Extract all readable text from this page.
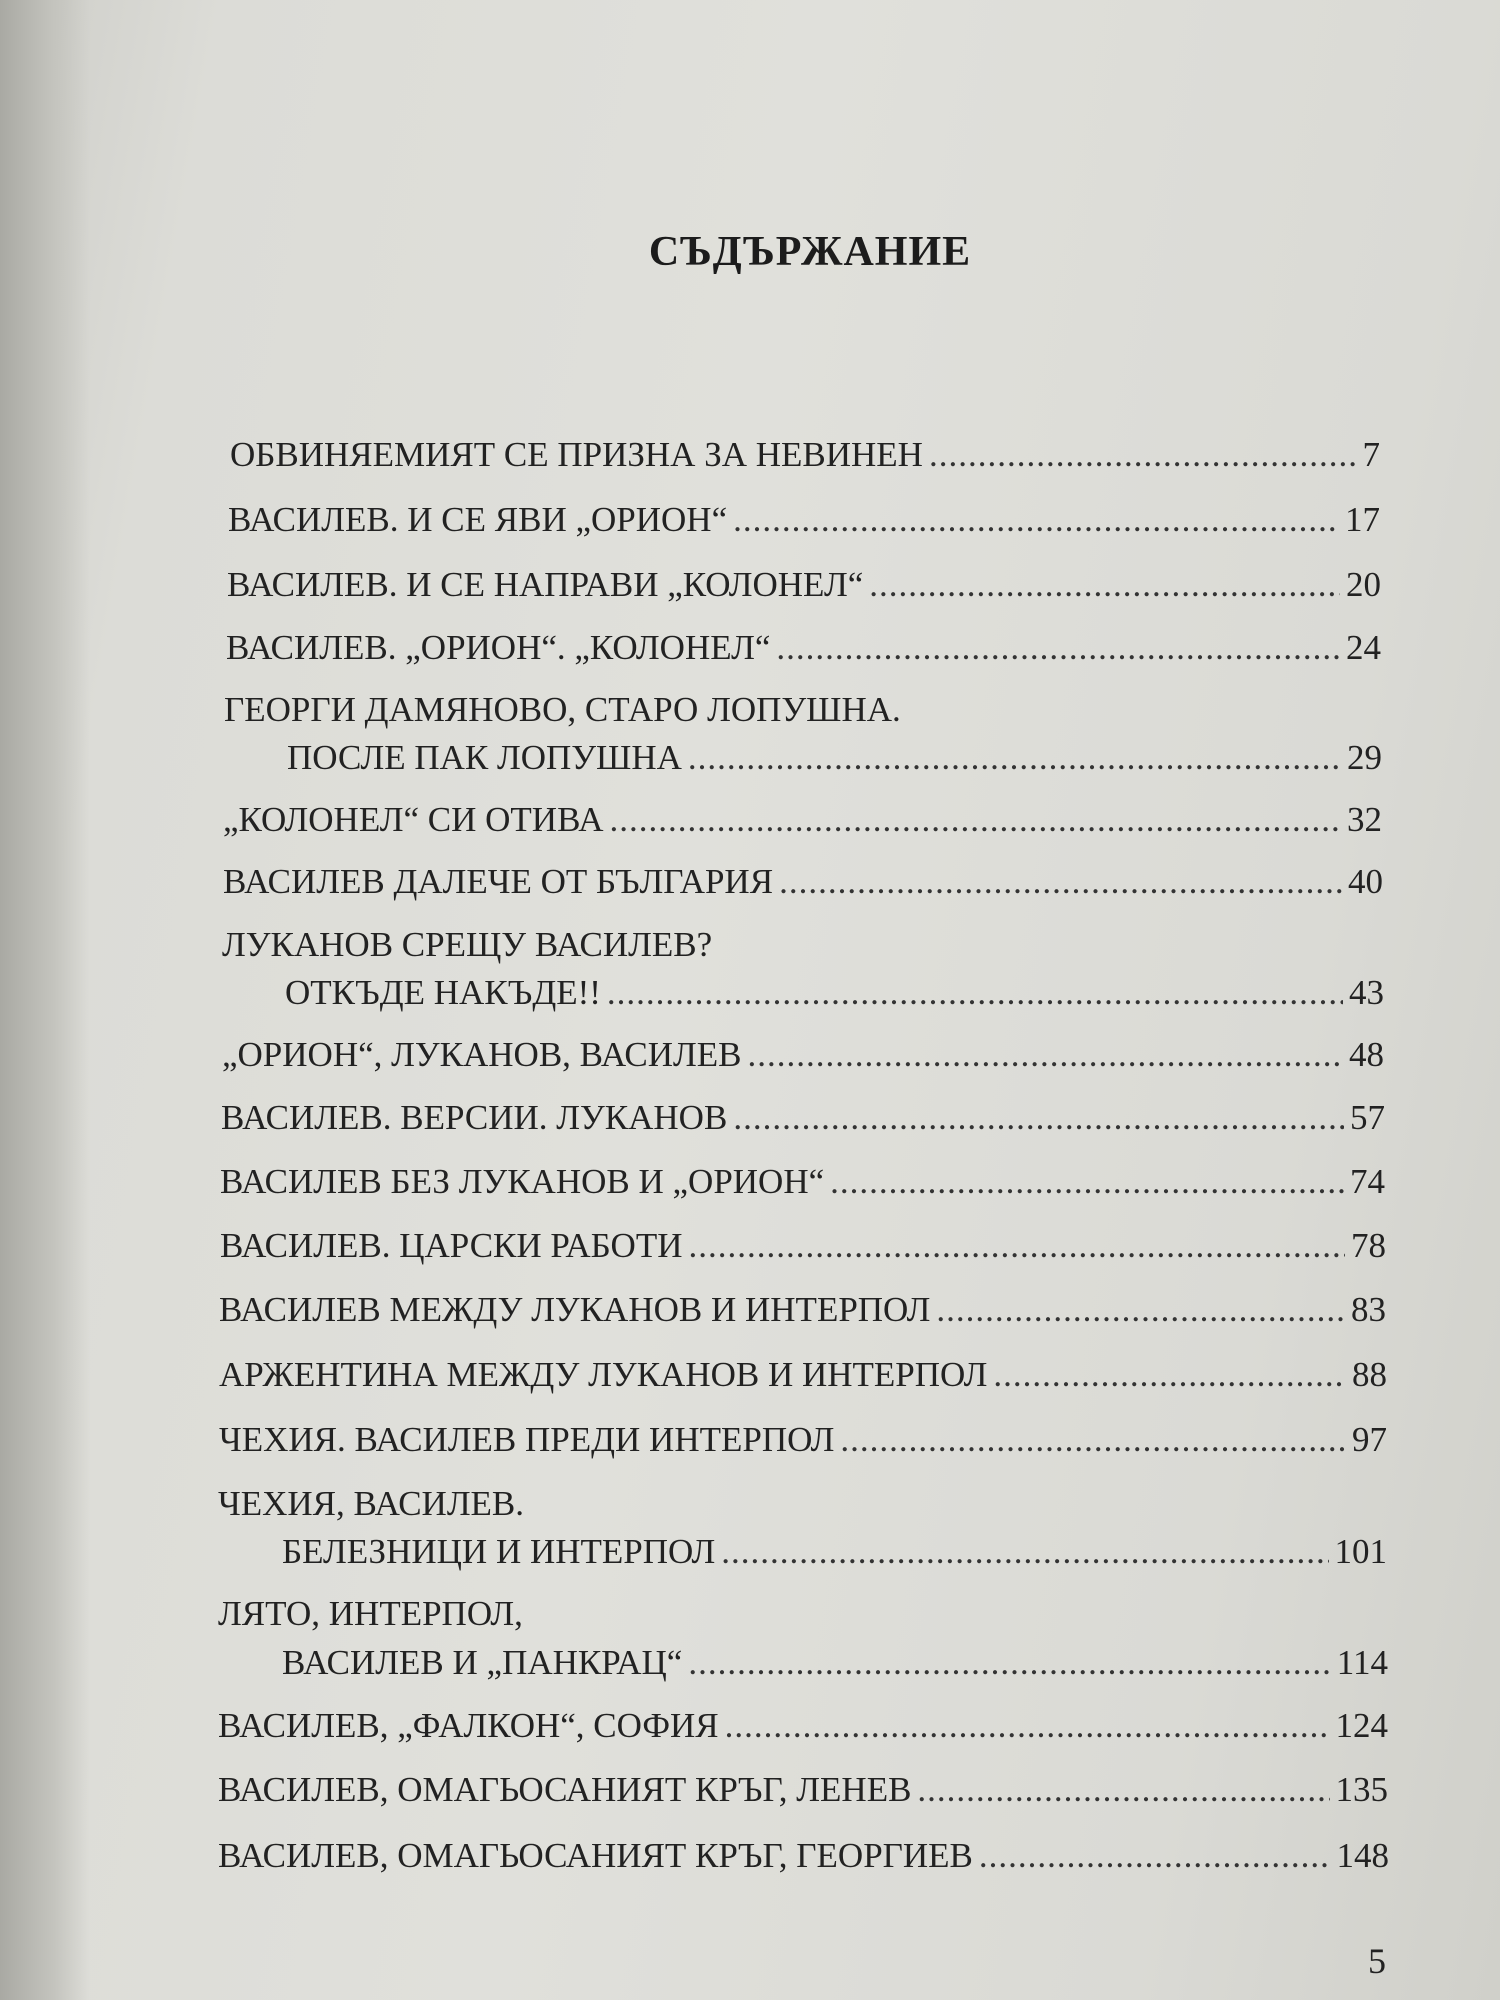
СЪДЪРЖАНИЕ
ОБВИНЯЕМИЯТ СЕ ПРИЗНА ЗА НЕВИНЕН .....	7
ВАСИЛЕВ. И СЕ ЯВИ „ОРИОН“ .....	17
ВАСИЛЕВ. И СЕ НАПРАВИ „КОЛОНЕЛ“ .....	20
ВАСИЛЕВ. „ОРИОН“. „КОЛОНЕЛ“ .....	24
ГЕОРГИ ДАМЯНОВО, СТАРО ЛОПУШНА.
ПОСЛЕ ПАК ЛОПУШНА .....	29
„КОЛОНЕЛ“ СИ ОТИВА .....	32
ВАСИЛЕВ ДАЛЕЧЕ ОТ БЪЛГАРИЯ .....	40
ЛУКАНОВ СРЕЩУ ВАСИЛЕВ?
ОТКЪДЕ НАКЪДЕ!! .....	43
„ОРИОН“, ЛУКАНОВ, ВАСИЛЕВ .....	48
ВАСИЛЕВ. ВЕРСИИ. ЛУКАНОВ .....	57
ВАСИЛЕВ БЕЗ ЛУКАНОВ И „ОРИОН“ .....	74
ВАСИЛЕВ. ЦАРСКИ РАБОТИ .....	78
ВАСИЛЕВ МЕЖДУ ЛУКАНОВ И ИНТЕРПОЛ .....	83
АРЖЕНТИНА МЕЖДУ ЛУКАНОВ И ИНТЕРПОЛ .....	88
ЧЕХИЯ. ВАСИЛЕВ ПРЕДИ ИНТЕРПОЛ .....	97
ЧЕХИЯ, ВАСИЛЕВ.
БЕЛЕЗНИЦИ И ИНТЕРПОЛ .....	101
ЛЯТО, ИНТЕРПОЛ,
ВАСИЛЕВ И „ПАНКРАЦ“ .....	114
ВАСИЛЕВ, „ФАЛКОН“, СОФИЯ .....	124
ВАСИЛЕВ, ОМАГЬОСАНИЯТ КРЪГ, ЛЕНЕВ .....	135
ВАСИЛЕВ, ОМАГЬОСАНИЯТ КРЪГ, ГЕОРГИЕВ .....	148
5
